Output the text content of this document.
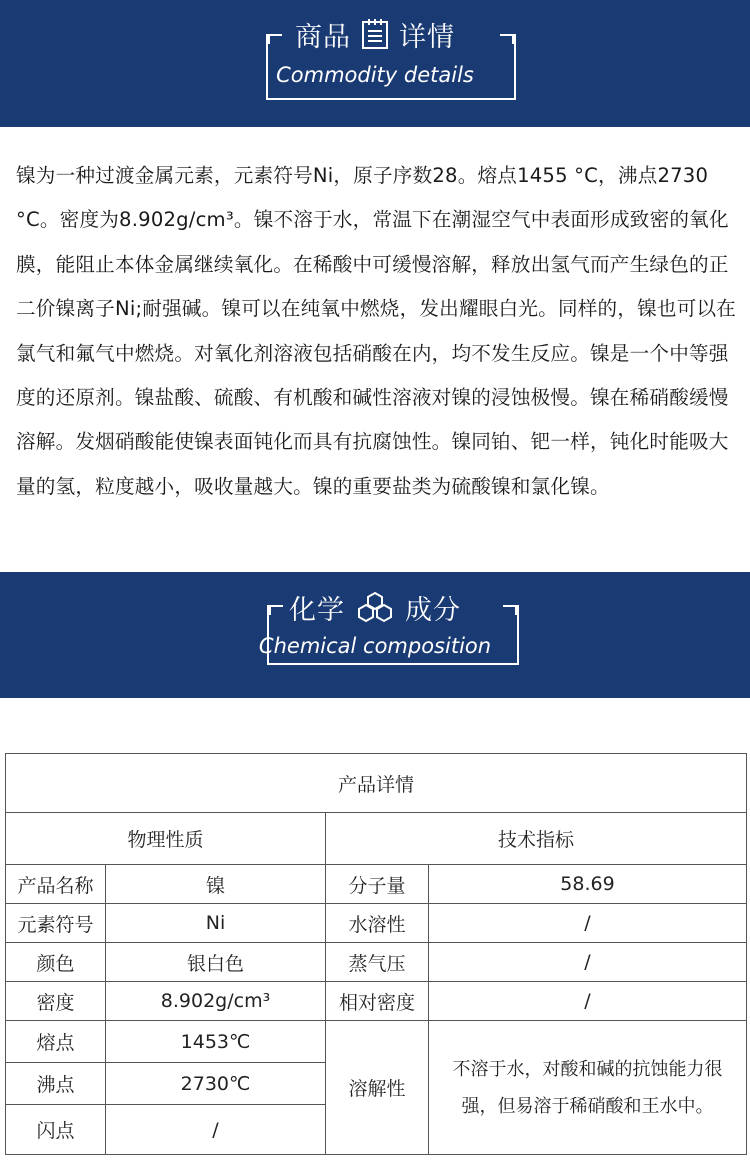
商品 详情
Commodity details
镍为一种过渡金属元素，元素符号Ni，原子序数28。熔点1455 °C，沸点2730 °C。密度为8.902g/cm³。镍不溶于水，常温下在潮湿空气中表面形成致密的氧化膜，能阻止本体金属继续氧化。在稀酸中可缓慢溶解，释放出氢气而产生绿色的正二价镍离子Ni;耐强碱。镍可以在纯氧中燃烧，发出耀眼白光。同样的，镍也可以在氯气和氟气中燃烧。对氧化剂溶液包括硝酸在内，均不发生反应。镍是一个中等强度的还原剂。镍盐酸、硫酸、有机酸和碱性溶液对镍的浸蚀极慢。镍在稀硝酸缓慢溶解。发烟硝酸能使镍表面钝化而具有抗腐蚀性。镍同铂、钯一样，钝化时能吸大量的氢，粒度越小，吸收量越大。镍的重要盐类为硫酸镍和氯化镍。
化学 成分
Chemical composition
产品详情			
物理性质		技术指标	
产品名称	镍	分子量	58.69
元素符号	Ni	水溶性	/
颜色	银白色	蒸气压	/
密度	8.902g/cm³	相对密度	/
熔点	1453℃	溶解性	不溶于水，对酸和碱的抗蚀能力很强，但易溶于稀硝酸和王水中。
沸点	2730℃		
闪点	/		
